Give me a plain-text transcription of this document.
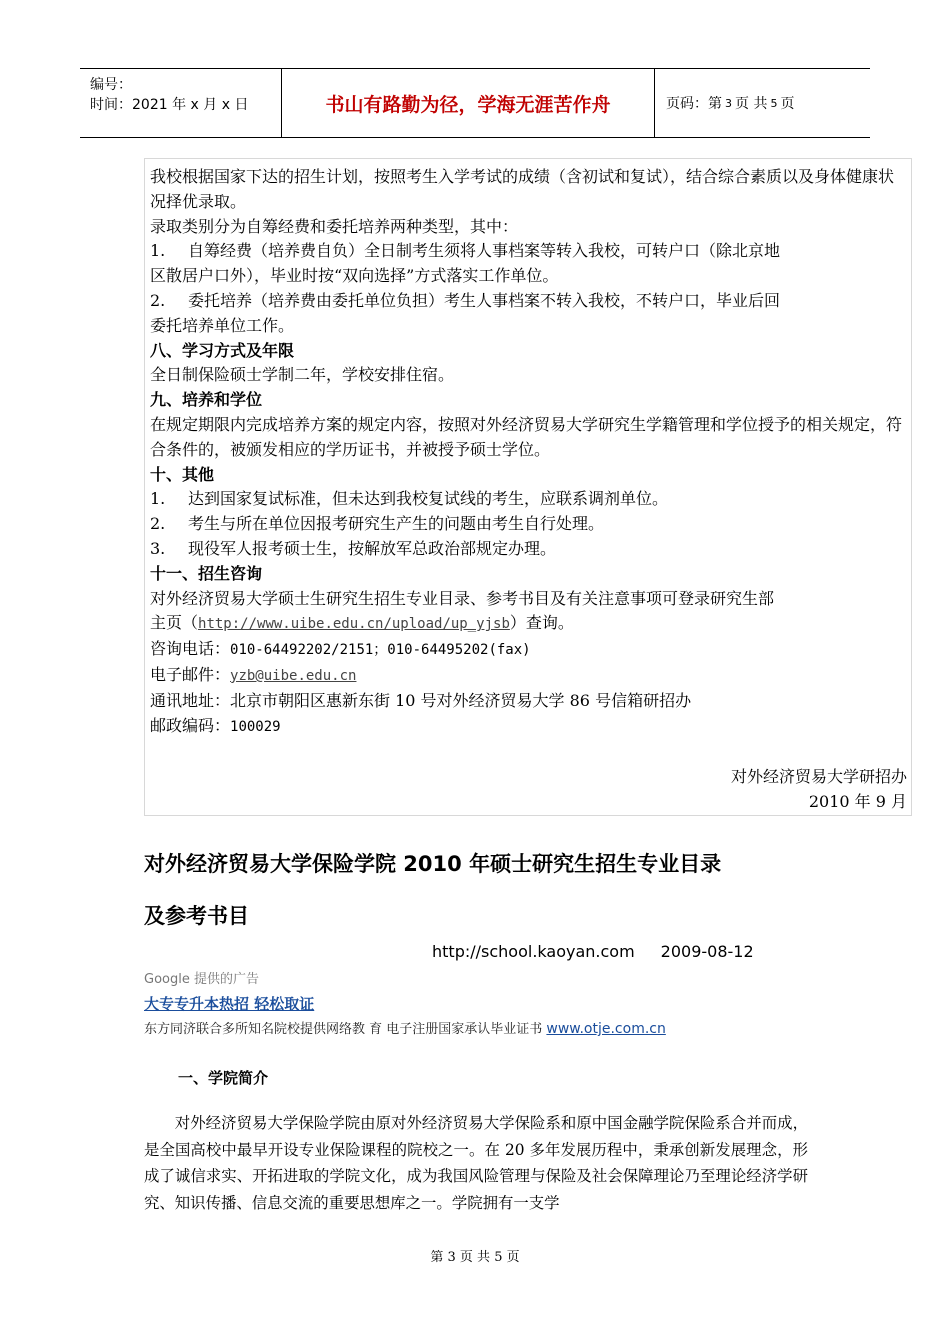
编号：
时间：2021 年 x 月 x 日	书山有路勤为径，学海无涯苦作舟	页码：第 3 页 共 5 页

我校根据国家下达的招生计划，按照考生入学考试的成绩（含初试和复试），结合综合素质以及身体健康状况择优录取。

录取类别分为自筹经费和委托培养两种类型，其中：

1. 自筹经费（培养费自负）全日制考生须将人事档案等转入我校，可转户口（除北京地

区散居户口外），毕业时按“双向选择”方式落实工作单位。

2. 委托培养（培养费由委托单位负担）考生人事档案不转入我校，不转户口，毕业后回

委托培养单位工作。

八、学习方式及年限

全日制保险硕士学制二年，学校安排住宿。

九、培养和学位

在规定期限内完成培养方案的规定内容，按照对外经济贸易大学研究生学籍管理和学位授予的相关规定，符合条件的，被颁发相应的学历证书，并被授予硕士学位。

十、其他

1. 达到国家复试标准，但未达到我校复试线的考生，应联系调剂单位。

2. 考生与所在单位因报考研究生产生的问题由考生自行处理。

3. 现役军人报考硕士生，按解放军总政治部规定办理。

十一、招生咨询

对外经济贸易大学硕士生研究生招生专业目录、参考书目及有关注意事项可登录研究生部

主页（http://www.uibe.edu.cn/upload/up_yjsb）查询。

咨询电话：010-64492202/2151；010-64495202(fax)

电子邮件：yzb@uibe.edu.cn

通讯地址：北京市朝阳区惠新东街 10 号对外经济贸易大学 86 号信箱研招办

邮政编码：100029

对外经济贸易大学研招办
2010 年 9 月
对外经济贸易大学保险学院 2010 年硕士研究生招生专业目录
及参考书目
http://school.kaoyan.com 2009-08-12
Google 提供的广告
大专专升本热招 轻松取证
东方同济联合多所知名院校提供网络教 育 电子注册国家承认毕业证书 www.otje.com.cn
一、学院简介

对外经济贸易大学保险学院由原对外经济贸易大学保险系和原中国金融学院保险系合并而成，是全国高校中最早开设专业保险课程的院校之一。在 20 多年发展历程中，秉承创新发展理念，形成了诚信求实、开拓进取的学院文化，成为我国风险管理与保险及社会保障理论乃至理论经济学研究、知识传播、信息交流的重要思想库之一。学院拥有一支学

第 3 页 共 5 页
